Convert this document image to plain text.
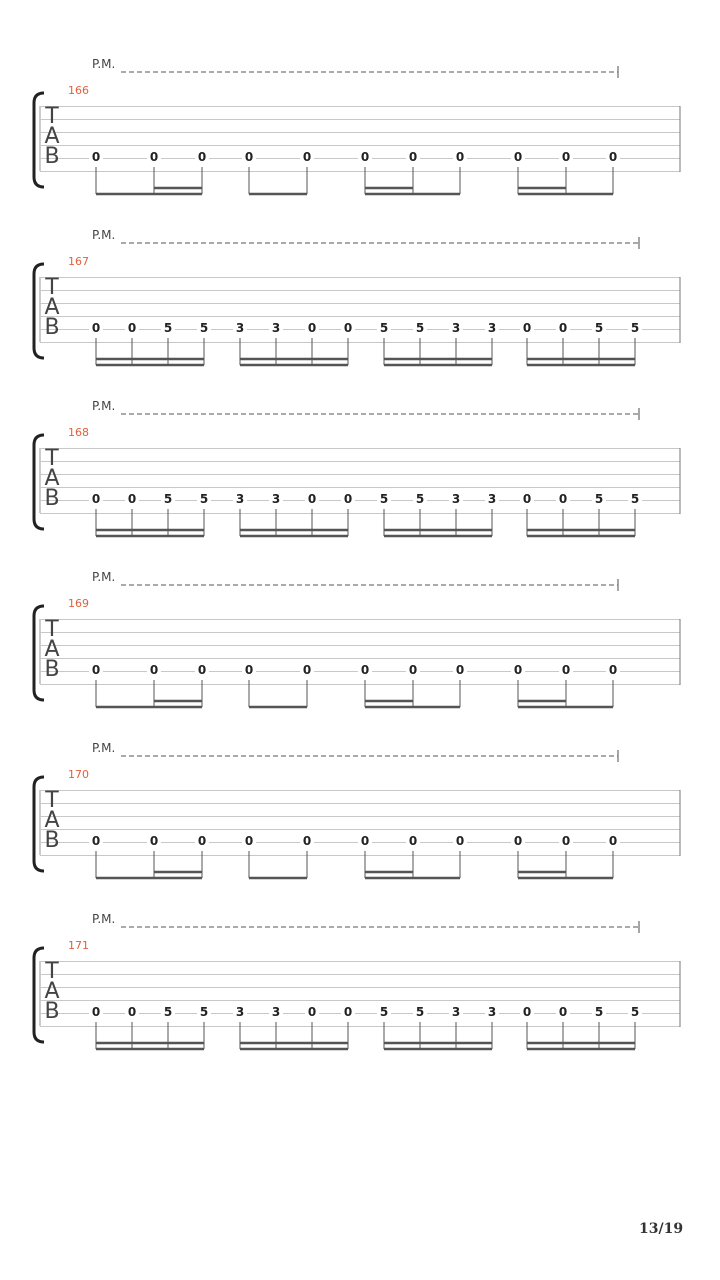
P.M.
166
T
A
B	0	0	0	0	0	0	0	0	0	0	0
P.M.
167
T
A
B	0 0 5 5 3 3 0 0 5 5 3 3 0 0 5 5
P.M.
168
T
A
B	0 0 5 5 3 3 0 0 5 5 3 3 0 0 5 5
P.M.
169
T
A
B	0	0	0	0	0	0	0	0	0	0	0
P.M.
170
T
A
B	0	0	0	0	0	0	0	0	0	0	0
P.M.
171
T
A
B	0 0 5 5 3 3 0 0 5 5 3 3 0 0 5 5
13/19
